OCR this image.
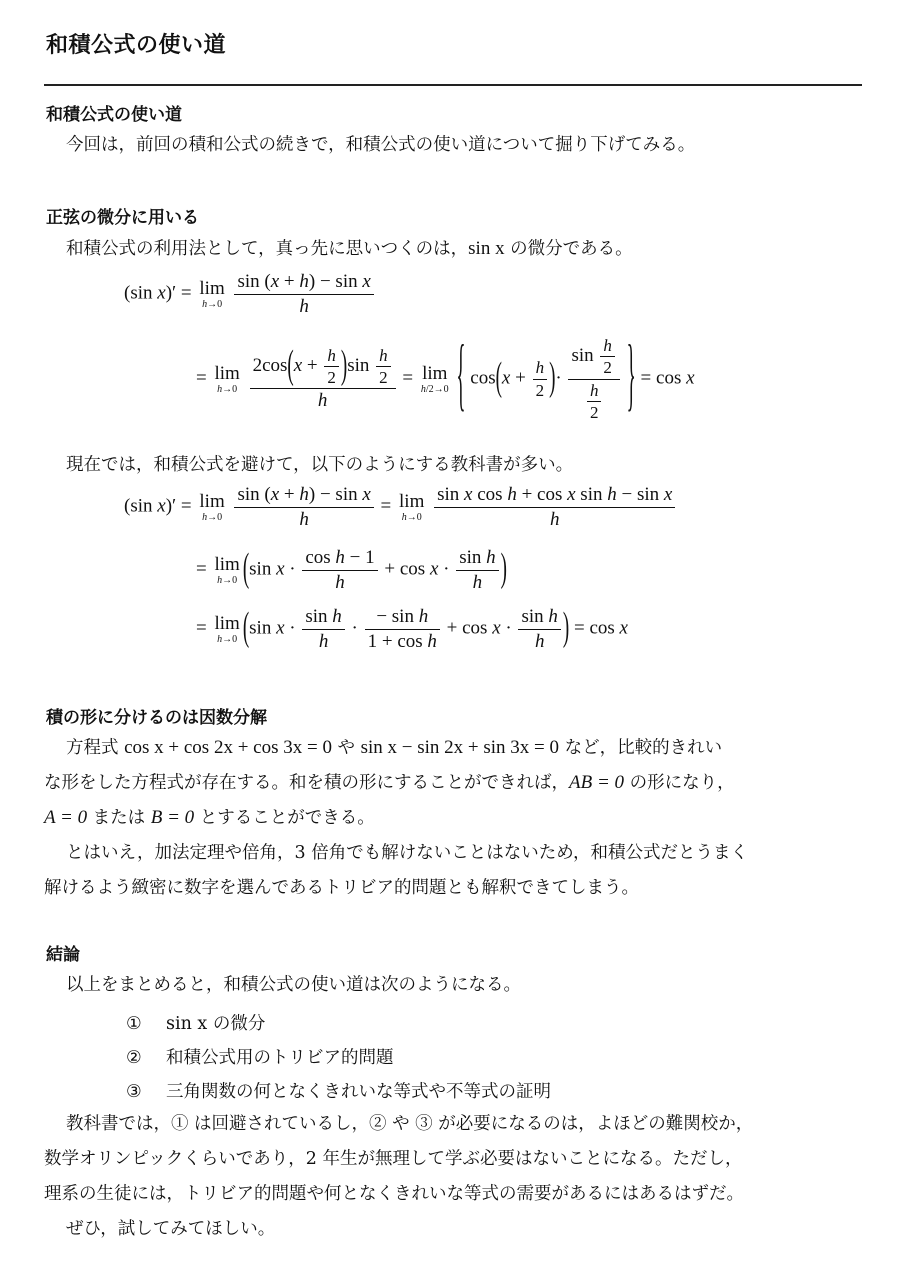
和積公式の使い道
和積公式の使い道
今回は，前回の積和公式の続きで，和積公式の使い道について掘り下げてみる。
正弦の微分に用いる
和積公式の利用法として，真っ先に思いつくのは，sin x の微分である。
(sin x)′ = lim
h→0
$\frac{\text{sin (x + h) − sin x}}{h}$
= lim
h→0
$\frac{2\cos(x + \frac{h}{2} )\sin \frac{h}{2}}{h} = \lim$
h/2→0 { $\cos(x + \frac{h}{2}$ )· $\frac{\sin \frac{h}{2}}{\frac{h}{2}}$ } = cos x
現在では，和積公式を避けて，以下のようにする教科書が多い。
(sin x)′ = lim
h→0
$\frac{\text{sin (x + h) − sin x}}{h} = \lim$
h→0
$\frac{\text{sin x cos h + cos x sin h − sin x}}{h}$
= lim
h→0 (sin $x \cdot \frac{\text{cos h − 1}}{h} + \cos x \cdot \frac{\text{sin h}}{h}$ )
= lim
h→0 (sin $x \cdot \frac{\text{sin h}}{h} \cdot \frac{\text{− sin h}}{\text{1 + cos h}} + \cos x \cdot \frac{\text{sin h}}{h}$ ) = cos x
積の形に分けるのは因数分解
方程式 cos x + cos 2x + cos 3x = 0 や sin x − sin 2x + sin 3x = 0 など，比較的きれい
な形をした方程式が存在する。和を積の形にすることができれば，AB = 0 の形になり，
A = 0 または B = 0 とすることができる。
とはいえ，加法定理や倍角，3 倍角でも解けないことはないため，和積公式だとうまく
解けるよう緻密に数字を選んであるトリビア的問題とも解釈できてしまう。
結論
以上をまとめると，和積公式の使い道は次のようになる。
① sin x の微分
② 和積公式用のトリビア的問題
③ 三角関数の何となくきれいな等式や不等式の証明
教科書では，① は回避されているし，② や ③ が必要になるのは，よほどの難関校か，
数学オリンピックくらいであり，2 年生が無理して学ぶ必要はないことになる。ただし，
理系の生徒には，トリビア的問題や何となくきれいな等式の需要があるにはあるはずだ。
ぜひ，試してみてほしい。
